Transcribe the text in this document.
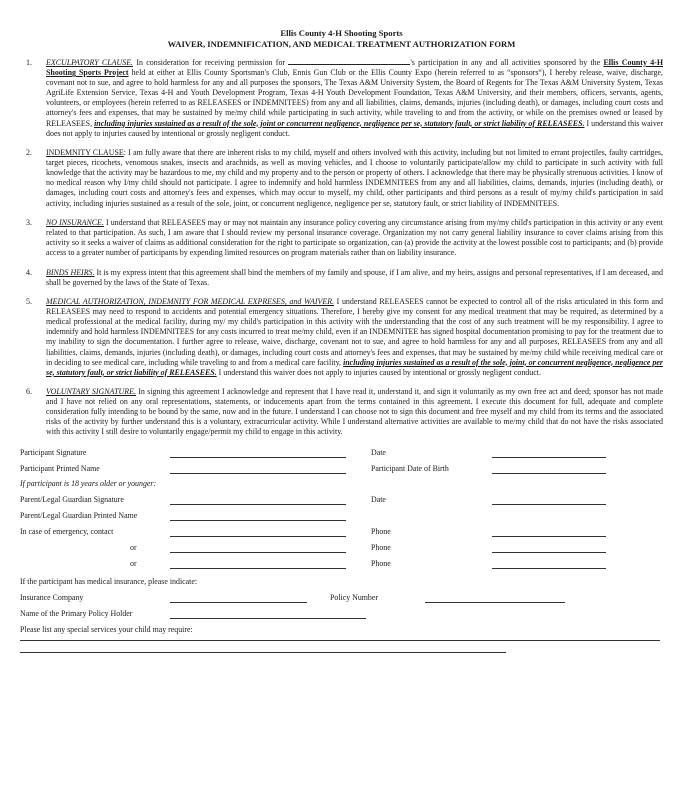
Ellis County 4-H Shooting Sports
WAIVER, INDEMNIFICATION, AND MEDICAL TREATMENT AUTHORIZATION FORM
1.	EXCULPATORY CLAUSE. In consideration for receiving permission for	's participation in any and all activities sponsored by the Ellis County 4-H Shooting Sports Project held at either at Ellis County Sportsman's Club, Ennis Gun Club or the Ellis County Expo (herein referred to as “sponsors“), I hereby release, waive, discharge, covenant not to sue, and agree to hold harmless for any and all purposes the sponsors, The Texas A&M University System, the Board of Regents for The Texas A&M University System, Texas AgriLife Extension Service, Texas 4-H and Youth Development Program, Texas 4-H Youth Development Foundation, Texas A&M University, and their members, officers, servants, agents, volunteers, or employees (herein referred to as RELEASEES or INDEMNITEES) from any and all liabilities, claims, demands, injuries (including death), or damages, including court costs and attorney's fees and expenses, that may be sustained by me/my child while participating in such activity, while traveling to and from the activity, or while on the premises owned or leased by RELEASEES, including injuries sustained as a result of the sole, joint or concurrent negligence, negligence per se, statutory fault, or strict liability of RELEASEES. I understand this waiver does not apply to injuries caused by intentional or grossly negligent conduct.
2.	INDEMNITY CLAUSE: I am fully aware that there are inherent risks to my child, myself and others involved with this activity, including but not limited to errant projectiles, faulty cartridges, target pieces, ricochets, venomous snakes, insects and arachnids, as well as moving vehicles, and I choose to voluntarily participate/allow my child to participate in such activity with full knowledge that the activity may be hazardous to me, my child and my property and to the person or property of others. I acknowledge that there may be physically strenuous activities. I know of no medical reason why I/my child should not participate. I agree to indemnify and hold harmless INDEMNITEES from any and all liabilities, claims, demands, injuries (including death), or damages, including court costs and attorney's fees and expenses, which may occur to myself, my child, other participants and third persons as a result of my/my child's participation in said activity, including injuries sustained as a result of the sole, joint, or concurrent negligence, negligence per se, statutory fault, or strict liability of INDEMNITEES.
3.	NO INSURANCE. I understand that RELEASEES may or may not maintain any insurance policy covering any circumstance arising from my/my child's participation in this activity or any event related to that participation. As such, I am aware that I should review my personal insurance coverage. Organization my not carry general liability insurance to cover claims arising from this activity so it seeks a waiver of claims as additional consideration for the right to participate so organization, can (a) provide the activity at the lowest possible cost to participants; and (b) provide access to a greater number of participants by expending limited resources on program materials rather than on liability insurance.
4.	BINDS HEIRS. It is my express intent that this agreement shall bind the members of my family and spouse, if I am alive, and my heirs, assigns and personal representatives, if I am deceased, and shall be governed by the laws of the State of Texas.
5.	MEDICAL AUTHORIZATION, INDEMNITY FOR MEDICAL EXPRESES, and WAIVER. I understand RELEASEES cannot be expected to control all of the risks articulated in this form and RELEASEES may need to respond to accidents and potential emergency situations. Therefore, I hereby give my consent for any medical treatment that may be required, as determined by a medical professional at the medical facility, during my/ my child's participation in this activity with the understanding that the cost of any such treatment will be my responsibility. I agree to indemnify and hold harmless INDEMNITEES for any costs incurred to treat me/my child, even if an INDEMNITEE has signed hospital documentation promising to pay for the treatment due to my inability to sign the documentation. I further agree to release, waive, discharge, covenant not to sue, and agree to hold harmless for any and all purposes, RELEASEES from any and all liabilities, claims, demands, injuries (including death), or damages, including court costs and attorney's fees and expenses, that may be sustained by me/my child while receiving medical care or in deciding to see medical care, including while traveling to and from a medical care facility, including injuries sustained as a result of the sole, joint, or concurrent negligence, negligence per se, statutory fault, or strict liability of RELEASEES. I understand this waiver does not apply to injuries caused by intentional or grossly negligent conduct.
6.	VOLUNTARY SIGNATURE. In signing this agreement I acknowledge and represent that I have read it, understand it, and sign it voluntarily as my own free act and deed; sponsor has not made and I have not relied on any oral representations, statements, or inducements apart from the terms contained in this agreement. I execute this document for full, adequate and complete consideration fully intending to be bound by the same, now and in the future. I understand I can choose not to sign this document and free myself and my child from its terms and the associated risks of the activity by further understand this is a voluntary, extracurricular activity. While I understand alternative activities are available to me/my child that do not have the risks associated with this activity I still desire to voluntarily engage/permit my child to engage in this activity.
Participant Signature	Date
Participant Printed Name	Participant Date of Birth
If participant is 18 years older or younger:
Parent/Legal Guardian Signature	Date
Parent/Legal Guardian Printed Name
In case of emergency, contact	Phone
or	Phone
or	Phone
If the participant has medical insurance, please indicate:
Insurance Company	Policy Number
Name of the Primary Policy Holder
Please list any special services your child may require:
